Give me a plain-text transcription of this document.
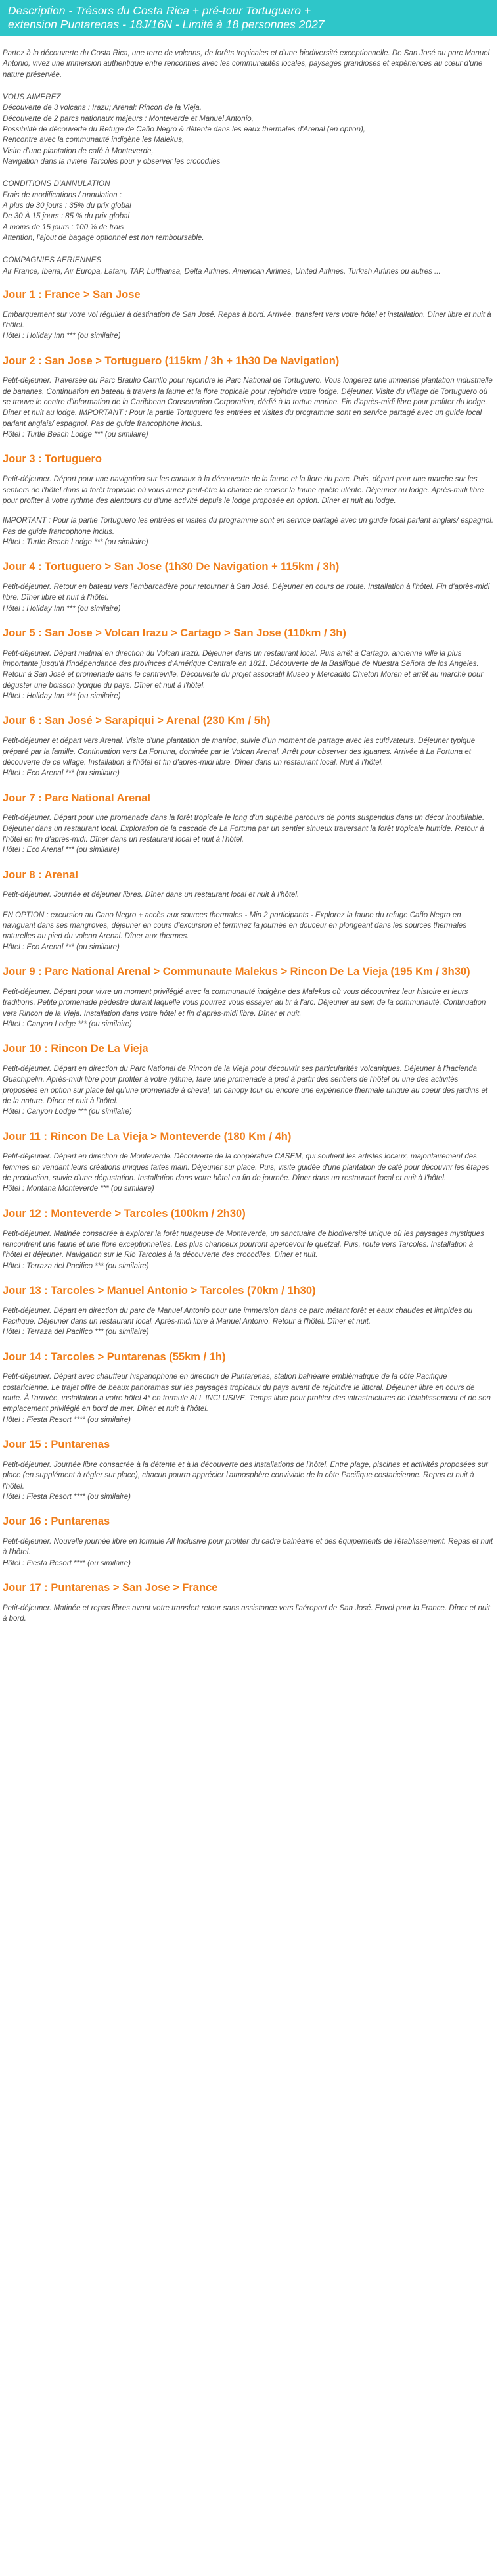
Description - Trésors du Costa Rica + pré-tour Tortuguero +
extension Puntarenas - 18J/16N - Limité à 18 personnes 2027

Partez à la découverte du Costa Rica, une terre de volcans, de forêts tropicales et d'une biodiversité exceptionnelle. De San José au parc Manuel Antonio, vivez une immersion authentique entre rencontres avec les communautés locales, paysages grandioses et expériences au cœur d'une nature préservée.

VOUS AIMEREZ

Découverte de 3 volcans : Irazu; Arenal; Rincon de la Vieja,

Découverte de 2 parcs nationaux majeurs : Monteverde et Manuel Antonio,

Possibilité de découverte du Refuge de Caño Negro & détente dans les eaux thermales d'Arenal (en option),

Rencontre avec la communauté indigène les Malekus,

Visite d'une plantation de café à Monteverde,

Navigation dans la rivière Tarcoles pour y observer les crocodiles

CONDITIONS D'ANNULATION

Frais de modifications / annulation :

A plus de 30 jours : 35% du prix global

De 30 À 15 jours : 85 % du prix global

A moins de 15 jours : 100 % de frais

Attention, l'ajout de bagage optionnel est non remboursable.

COMPAGNIES AERIENNES

Air France, Iberia, Air Europa, Latam, TAP, Lufthansa, Delta Airlines, American Airlines, United Airlines, Turkish Airlines ou autres ...

Jour 1 : France > San Jose

Embarquement sur votre vol régulier à destination de San José. Repas à bord. Arrivée, transfert vers votre hôtel et installation. Dîner libre et nuit à l'hôtel.

Hôtel : Holiday Inn *** (ou similaire)

Jour 2 : San Jose > Tortuguero (115km / 3h + 1h30 De Navigation)

Petit-déjeuner. Traversée du Parc Braulio Carrillo pour rejoindre le Parc National de Tortuguero. Vous longerez une immense plantation industrielle de bananes. Continuation en bateau à travers la faune et la flore tropicale pour rejoindre votre lodge. Déjeuner. Visite du village de Tortuguero où se trouve le centre d'information de la Caribbean Conservation Corporation, dédié à la tortue marine. Fin d'après-midi libre pour profiter du lodge. Dîner et nuit au lodge. IMPORTANT : Pour la partie Tortuguero les entrées et visites du programme sont en service partagé avec un guide local parlant anglais/ espagnol. Pas de guide francophone inclus.

Hôtel : Turtle Beach Lodge *** (ou similaire)

Jour 3 : Tortuguero

Petit-déjeuner. Départ pour une navigation sur les canaux à la découverte de la faune et la flore du parc. Puis, départ pour une marche sur les sentiers de l'hôtel dans la forêt tropicale où vous aurez peut-être la chance de croiser la faune quiète ulérite. Déjeuner au lodge. Après-midi libre pour profiter à votre rythme des alentours ou d'une activité depuis le lodge proposée en option. Dîner et nuit au lodge.

IMPORTANT : Pour la partie Tortuguero les entrées et visites du programme sont en service partagé avec un guide local parlant anglais/ espagnol. Pas de guide francophone inclus.

Hôtel : Turtle Beach Lodge *** (ou similaire)

Jour 4 : Tortuguero > San Jose (1h30 De Navigation + 115km / 3h)

Petit-déjeuner. Retour en bateau vers l'embarcadère pour retourner à San José. Déjeuner en cours de route. Installation à l'hôtel. Fin d'après-midi libre. Dîner libre et nuit à l'hôtel.

Hôtel : Holiday Inn *** (ou similaire)

Jour 5 : San Jose > Volcan Irazu > Cartago > San Jose (110km / 3h)

Petit-déjeuner. Départ matinal en direction du Volcan Irazú. Déjeuner dans un restaurant local. Puis arrêt à Cartago, ancienne ville la plus importante jusqu'à l'indépendance des provinces d'Amérique Centrale en 1821. Découverte de la Basilique de Nuestra Señora de los Angeles. Retour à San José et promenade dans le centreville. Découverte du projet associatif Museo y Mercadito Chieton Moren et arrêt au marché pour déguster une boisson typique du pays. Dîner et nuit à l'hôtel.

Hôtel : Holiday Inn *** (ou similaire)

Jour 6 : San José > Sarapiqui > Arenal (230 Km / 5h)

Petit-déjeuner et départ vers Arenal. Visite d'une plantation de manioc, suivie d'un moment de partage avec les cultivateurs. Déjeuner typique préparé par la famille. Continuation vers La Fortuna, dominée par le Volcan Arenal. Arrêt pour observer des iguanes. Arrivée à La Fortuna et découverte de ce village. Installation à l'hôtel et fin d'après-midi libre. Dîner dans un restaurant local. Nuit à l'hôtel.

Hôtel : Eco Arenal *** (ou similaire)

Jour 7 : Parc National Arenal

Petit-déjeuner. Départ pour une promenade dans la forêt tropicale le long d'un superbe parcours de ponts suspendus dans un décor inoubliable. Déjeuner dans un restaurant local. Exploration de la cascade de La Fortuna par un sentier sinueux traversant la forêt tropicale humide. Retour à l'hôtel en fin d'après-midi. Dîner dans un restaurant local et nuit à l'hôtel.

Hôtel : Eco Arenal *** (ou similaire)

Jour 8 : Arenal

Petit-déjeuner. Journée et déjeuner libres. Dîner dans un restaurant local et nuit à l'hôtel.

EN OPTION : excursion au Cano Negro + accès aux sources thermales - Min 2 participants - Explorez la faune du refuge Caño Negro en naviguant dans ses mangroves, déjeuner en cours d'excursion et terminez la journée en douceur en plongeant dans les sources thermales naturelles au pied du volcan Arenal. Dîner aux thermes.

Hôtel : Eco Arenal *** (ou similaire)

Jour 9 : Parc National Arenal > Communaute Malekus > Rincon De La Vieja (195 Km / 3h30)

Petit-déjeuner. Départ pour vivre un moment privilégié avec la communauté indigène des Malekus où vous découvrirez leur histoire et leurs traditions. Petite promenade pédestre durant laquelle vous pourrez vous essayer au tir à l'arc. Déjeuner au sein de la communauté. Continuation vers Rincon de la Vieja. Installation dans votre hôtel et fin d'après-midi libre. Dîner et nuit.

Hôtel : Canyon Lodge *** (ou similaire)

Jour 10 : Rincon De La Vieja

Petit-déjeuner. Départ en direction du Parc National de Rincon de la Vieja pour découvrir ses particularités volcaniques. Déjeuner à l'hacienda Guachipelin. Après-midi libre pour profiter à votre rythme, faire une promenade à pied à partir des sentiers de l'hôtel ou une des activités proposées en option sur place tel qu'une promenade à cheval, un canopy tour ou encore une expérience thermale unique au coeur des jardins et de la nature. Dîner et nuit à l'hôtel.

Hôtel : Canyon Lodge *** (ou similaire)

Jour 11 : Rincon De La Vieja > Monteverde (180 Km / 4h)

Petit-déjeuner. Départ en direction de Monteverde. Découverte de la coopérative CASEM, qui soutient les artistes locaux, majoritairement des femmes en vendant leurs créations uniques faites main. Déjeuner sur place. Puis, visite guidée d'une plantation de café pour découvrir les étapes de production, suivie d'une dégustation. Installation dans votre hôtel en fin de journée. Dîner dans un restaurant local et nuit à l'hôtel.

Hôtel : Montana Monteverde *** (ou similaire)

Jour 12 : Monteverde > Tarcoles (100km / 2h30)

Petit-déjeuner. Matinée consacrée à explorer la forêt nuageuse de Monteverde, un sanctuaire de biodiversité unique où les paysages mystiques rencontrent une faune et une flore exceptionnelles. Les plus chanceux pourront apercevoir le quetzal. Puis, route vers Tarcoles. Installation à l'hôtel et déjeuner. Navigation sur le Rio Tarcoles à la découverte des crocodiles. Dîner et nuit.

Hôtel : Terraza del Pacifico *** (ou similaire)

Jour 13 : Tarcoles > Manuel Antonio > Tarcoles (70km / 1h30)

Petit-déjeuner. Départ en direction du parc de Manuel Antonio pour une immersion dans ce parc métant forêt et eaux chaudes et limpides du Pacifique. Déjeuner dans un restaurant local. Après-midi libre à Manuel Antonio. Retour à l'hôtel. Dîner et nuit.

Hôtel : Terraza del Pacifico *** (ou similaire)

Jour 14 : Tarcoles > Puntarenas (55km / 1h)

Petit-déjeuner. Départ avec chauffeur hispanophone en direction de Puntarenas, station balnéaire emblématique de la côte Pacifique costaricienne. Le trajet offre de beaux panoramas sur les paysages tropicaux du pays avant de rejoindre le littoral. Déjeuner libre en cours de route. À l'arrivée, installation à votre hôtel 4* en formule ALL INCLUSIVE. Temps libre pour profiter des infrastructures de l'établissement et de son emplacement privilégié en bord de mer. Dîner et nuit à l'hôtel.

Hôtel : Fiesta Resort **** (ou similaire)

Jour 15 : Puntarenas

Petit-déjeuner. Journée libre consacrée à la détente et à la découverte des installations de l'hôtel. Entre plage, piscines et activités proposées sur place (en supplément à régler sur place), chacun pourra apprécier l'atmosphère conviviale de la côte Pacifique costaricienne. Repas et nuit à l'hôtel.

Hôtel : Fiesta Resort **** (ou similaire)

Jour 16 : Puntarenas

Petit-déjeuner. Nouvelle journée libre en formule All Inclusive pour profiter du cadre balnéaire et des équipements de l'établissement. Repas et nuit à l'hôtel.

Hôtel : Fiesta Resort **** (ou similaire)

Jour 17 : Puntarenas > San Jose > France

Petit-déjeuner. Matinée et repas libres avant votre transfert retour sans assistance vers l'aéroport de San José. Envol pour la France. Dîner et nuit à bord.
